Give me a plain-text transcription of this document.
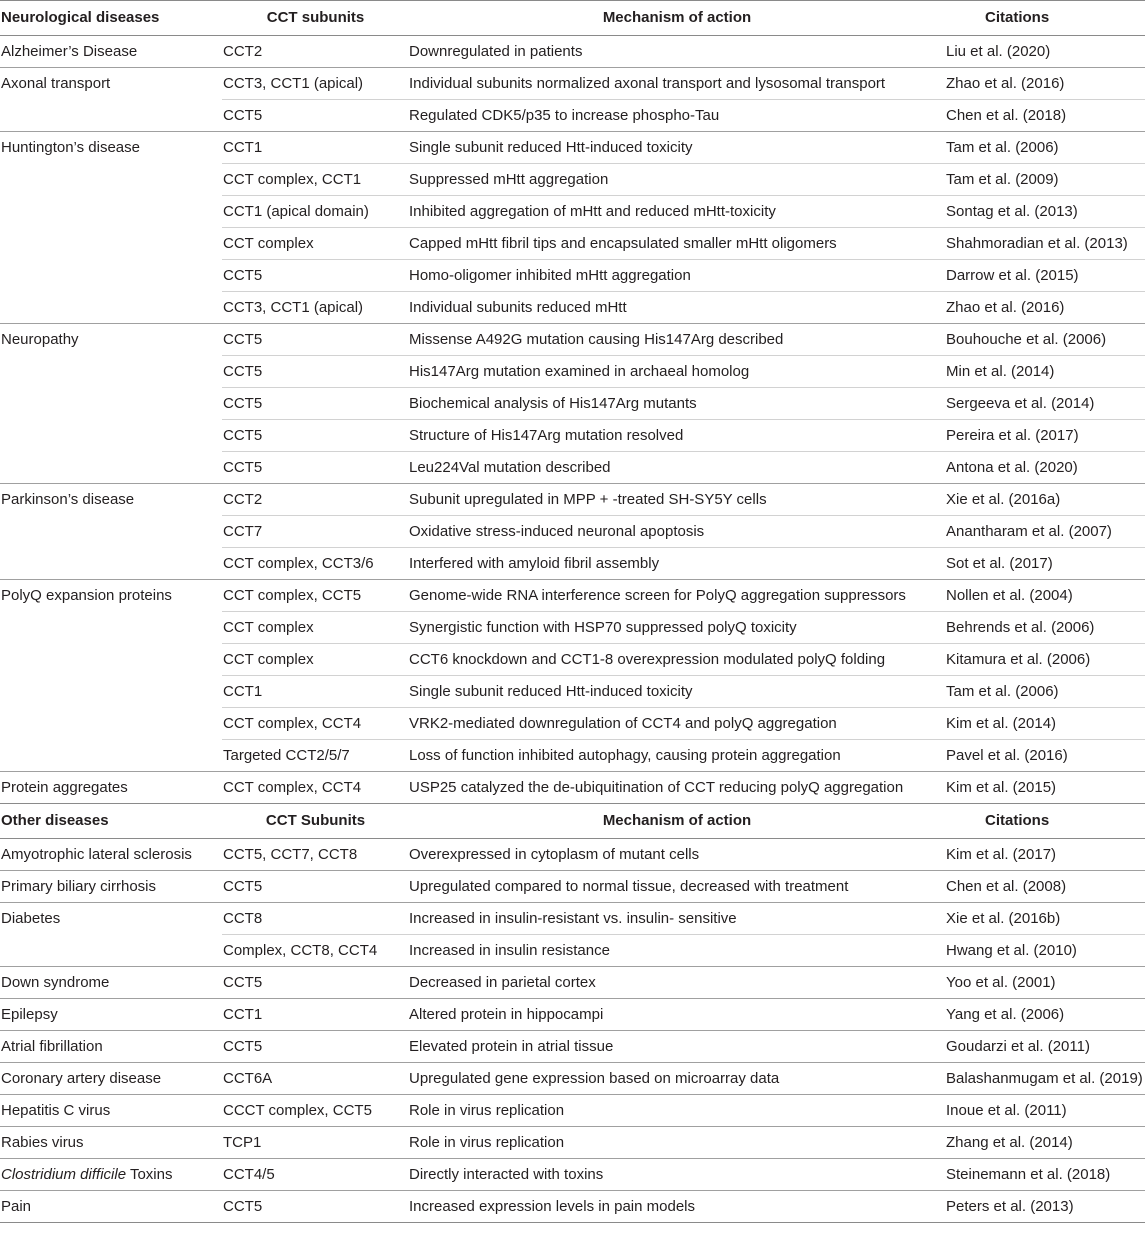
Neurological diseases	CCT subunits	Mechanism of action	Citations
Alzheimer’s Disease	CCT2	Downregulated in patients	Liu et al. (2020)
Axonal transport	CCT3, CCT1 (apical)	Individual subunits normalized axonal transport and lysosomal transport	Zhao et al. (2016)
	CCT5	Regulated CDK5/p35 to increase phospho-Tau	Chen et al. (2018)
Huntington’s disease	CCT1	Single subunit reduced Htt-induced toxicity	Tam et al. (2006)
	CCT complex, CCT1	Suppressed mHtt aggregation	Tam et al. (2009)
	CCT1 (apical domain)	Inhibited aggregation of mHtt and reduced mHtt-toxicity	Sontag et al. (2013)
	CCT complex	Capped mHtt fibril tips and encapsulated smaller mHtt oligomers	Shahmoradian et al. (2013)
	CCT5	Homo-oligomer inhibited mHtt aggregation	Darrow et al. (2015)
	CCT3, CCT1 (apical)	Individual subunits reduced mHtt	Zhao et al. (2016)
Neuropathy	CCT5	Missense A492G mutation causing His147Arg described	Bouhouche et al. (2006)
	CCT5	His147Arg mutation examined in archaeal homolog	Min et al. (2014)
	CCT5	Biochemical analysis of His147Arg mutants	Sergeeva et al. (2014)
	CCT5	Structure of His147Arg mutation resolved	Pereira et al. (2017)
	CCT5	Leu224Val mutation described	Antona et al. (2020)
Parkinson’s disease	CCT2	Subunit upregulated in MPP + -treated SH-SY5Y cells	Xie et al. (2016a)
	CCT7	Oxidative stress-induced neuronal apoptosis	Anantharam et al. (2007)
	CCT complex, CCT3/6	Interfered with amyloid fibril assembly	Sot et al. (2017)
PolyQ expansion proteins	CCT complex, CCT5	Genome-wide RNA interference screen for PolyQ aggregation suppressors	Nollen et al. (2004)
	CCT complex	Synergistic function with HSP70 suppressed polyQ toxicity	Behrends et al. (2006)
	CCT complex	CCT6 knockdown and CCT1-8 overexpression modulated polyQ folding	Kitamura et al. (2006)
	CCT1	Single subunit reduced Htt-induced toxicity	Tam et al. (2006)
	CCT complex, CCT4	VRK2-mediated downregulation of CCT4 and polyQ aggregation	Kim et al. (2014)
	Targeted CCT2/5/7	Loss of function inhibited autophagy, causing protein aggregation	Pavel et al. (2016)
Protein aggregates	CCT complex, CCT4	USP25 catalyzed the de-ubiquitination of CCT reducing polyQ aggregation	Kim et al. (2015)
Other diseases	CCT Subunits	Mechanism of action	Citations
Amyotrophic lateral sclerosis	CCT5, CCT7, CCT8	Overexpressed in cytoplasm of mutant cells	Kim et al. (2017)
Primary biliary cirrhosis	CCT5	Upregulated compared to normal tissue, decreased with treatment	Chen et al. (2008)
Diabetes	CCT8	Increased in insulin-resistant vs. insulin- sensitive	Xie et al. (2016b)
	Complex, CCT8, CCT4	Increased in insulin resistance	Hwang et al. (2010)
Down syndrome	CCT5	Decreased in parietal cortex	Yoo et al. (2001)
Epilepsy	CCT1	Altered protein in hippocampi	Yang et al. (2006)
Atrial fibrillation	CCT5	Elevated protein in atrial tissue	Goudarzi et al. (2011)
Coronary artery disease	CCT6A	Upregulated gene expression based on microarray data	Balashanmugam et al. (2019)
Hepatitis C virus	CCCT complex, CCT5	Role in virus replication	Inoue et al. (2011)
Rabies virus	TCP1	Role in virus replication	Zhang et al. (2014)
Clostridium difficile Toxins	CCT4/5	Directly interacted with toxins	Steinemann et al. (2018)
Pain	CCT5	Increased expression levels in pain models	Peters et al. (2013)
